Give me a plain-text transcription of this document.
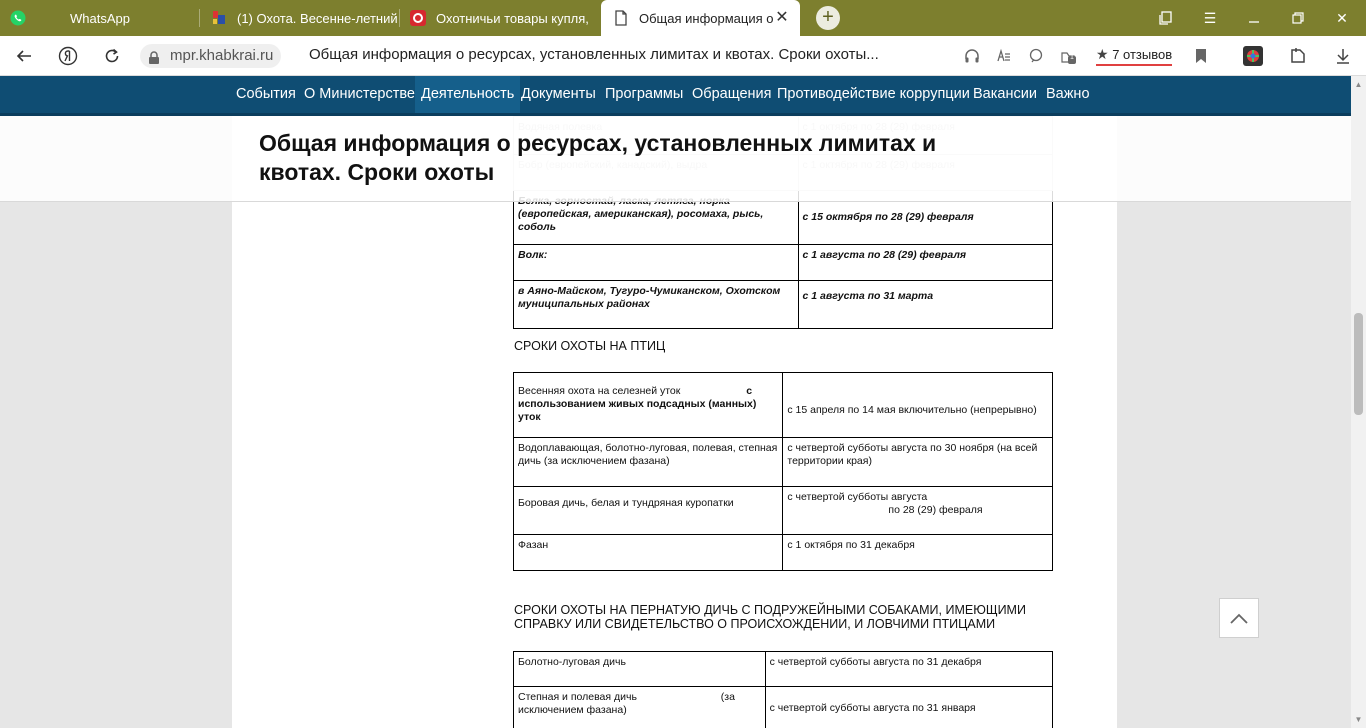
WhatsApp	(1) Охота. Весенне-летний	Охотничьи товары купля,	Общая информация о ✕	+	☰	✕
mpr.khabkrai.ru	Общая информация о ресурсах, установленных лимитах и квотах. Сроки охоты...	1 ★ 7 отзывов
События О Министерстве Деятельность Документы Программы Обращения Противодействие коррупции Вакансии Важно

(европейская, американская), росомаха, рысь, соболь	с 15 октября по 28 (29) февраля
Волк:	с 1 августа по 28 (29) февраля
в Аяно-Майском, Тугуро-Чумиканском, Охотском муниципальных районах	с 1 августа по 31 марта
СРОКИ ОХОТЫ НА ПТИЦ
Весенняя охота на селезней уток с использованием живых подсадных (манных) уток	с 15 апреля по 14 мая включительно (непрерывно)
Водоплавающая, болотно-луговая, полевая, степная дичь (за исключением фазана)	с четвертой субботы августа по 30 ноября (на всей территории края)
Боровая дичь, белая и тундряная куропатки	с четвертой субботы августа
по 28 (29) февраля

Фазан	с 1 октября по 31 декабря
СРОКИ ОХОТЫ НА ПЕРНАТУЮ ДИЧЬ С ПОДРУЖЕЙНЫМИ СОБАКАМИ, ИМЕЮЩИМИ СПРАВКУ ИЛИ СВИДЕТЕЛЬСТВО О ПРОИСХОЖДЕНИИ, И ЛОВЧИМИ ПТИЦАМИ
Болотно-луговая дичь	с четвертой субботы августа по 31 декабря
Степная и полевая дичь (за исключением фазана)	с четвертой субботы августа по 31 января
Общая информация о ресурсах, установленных лимитах и квотах. Сроки охоты
▲
▼
